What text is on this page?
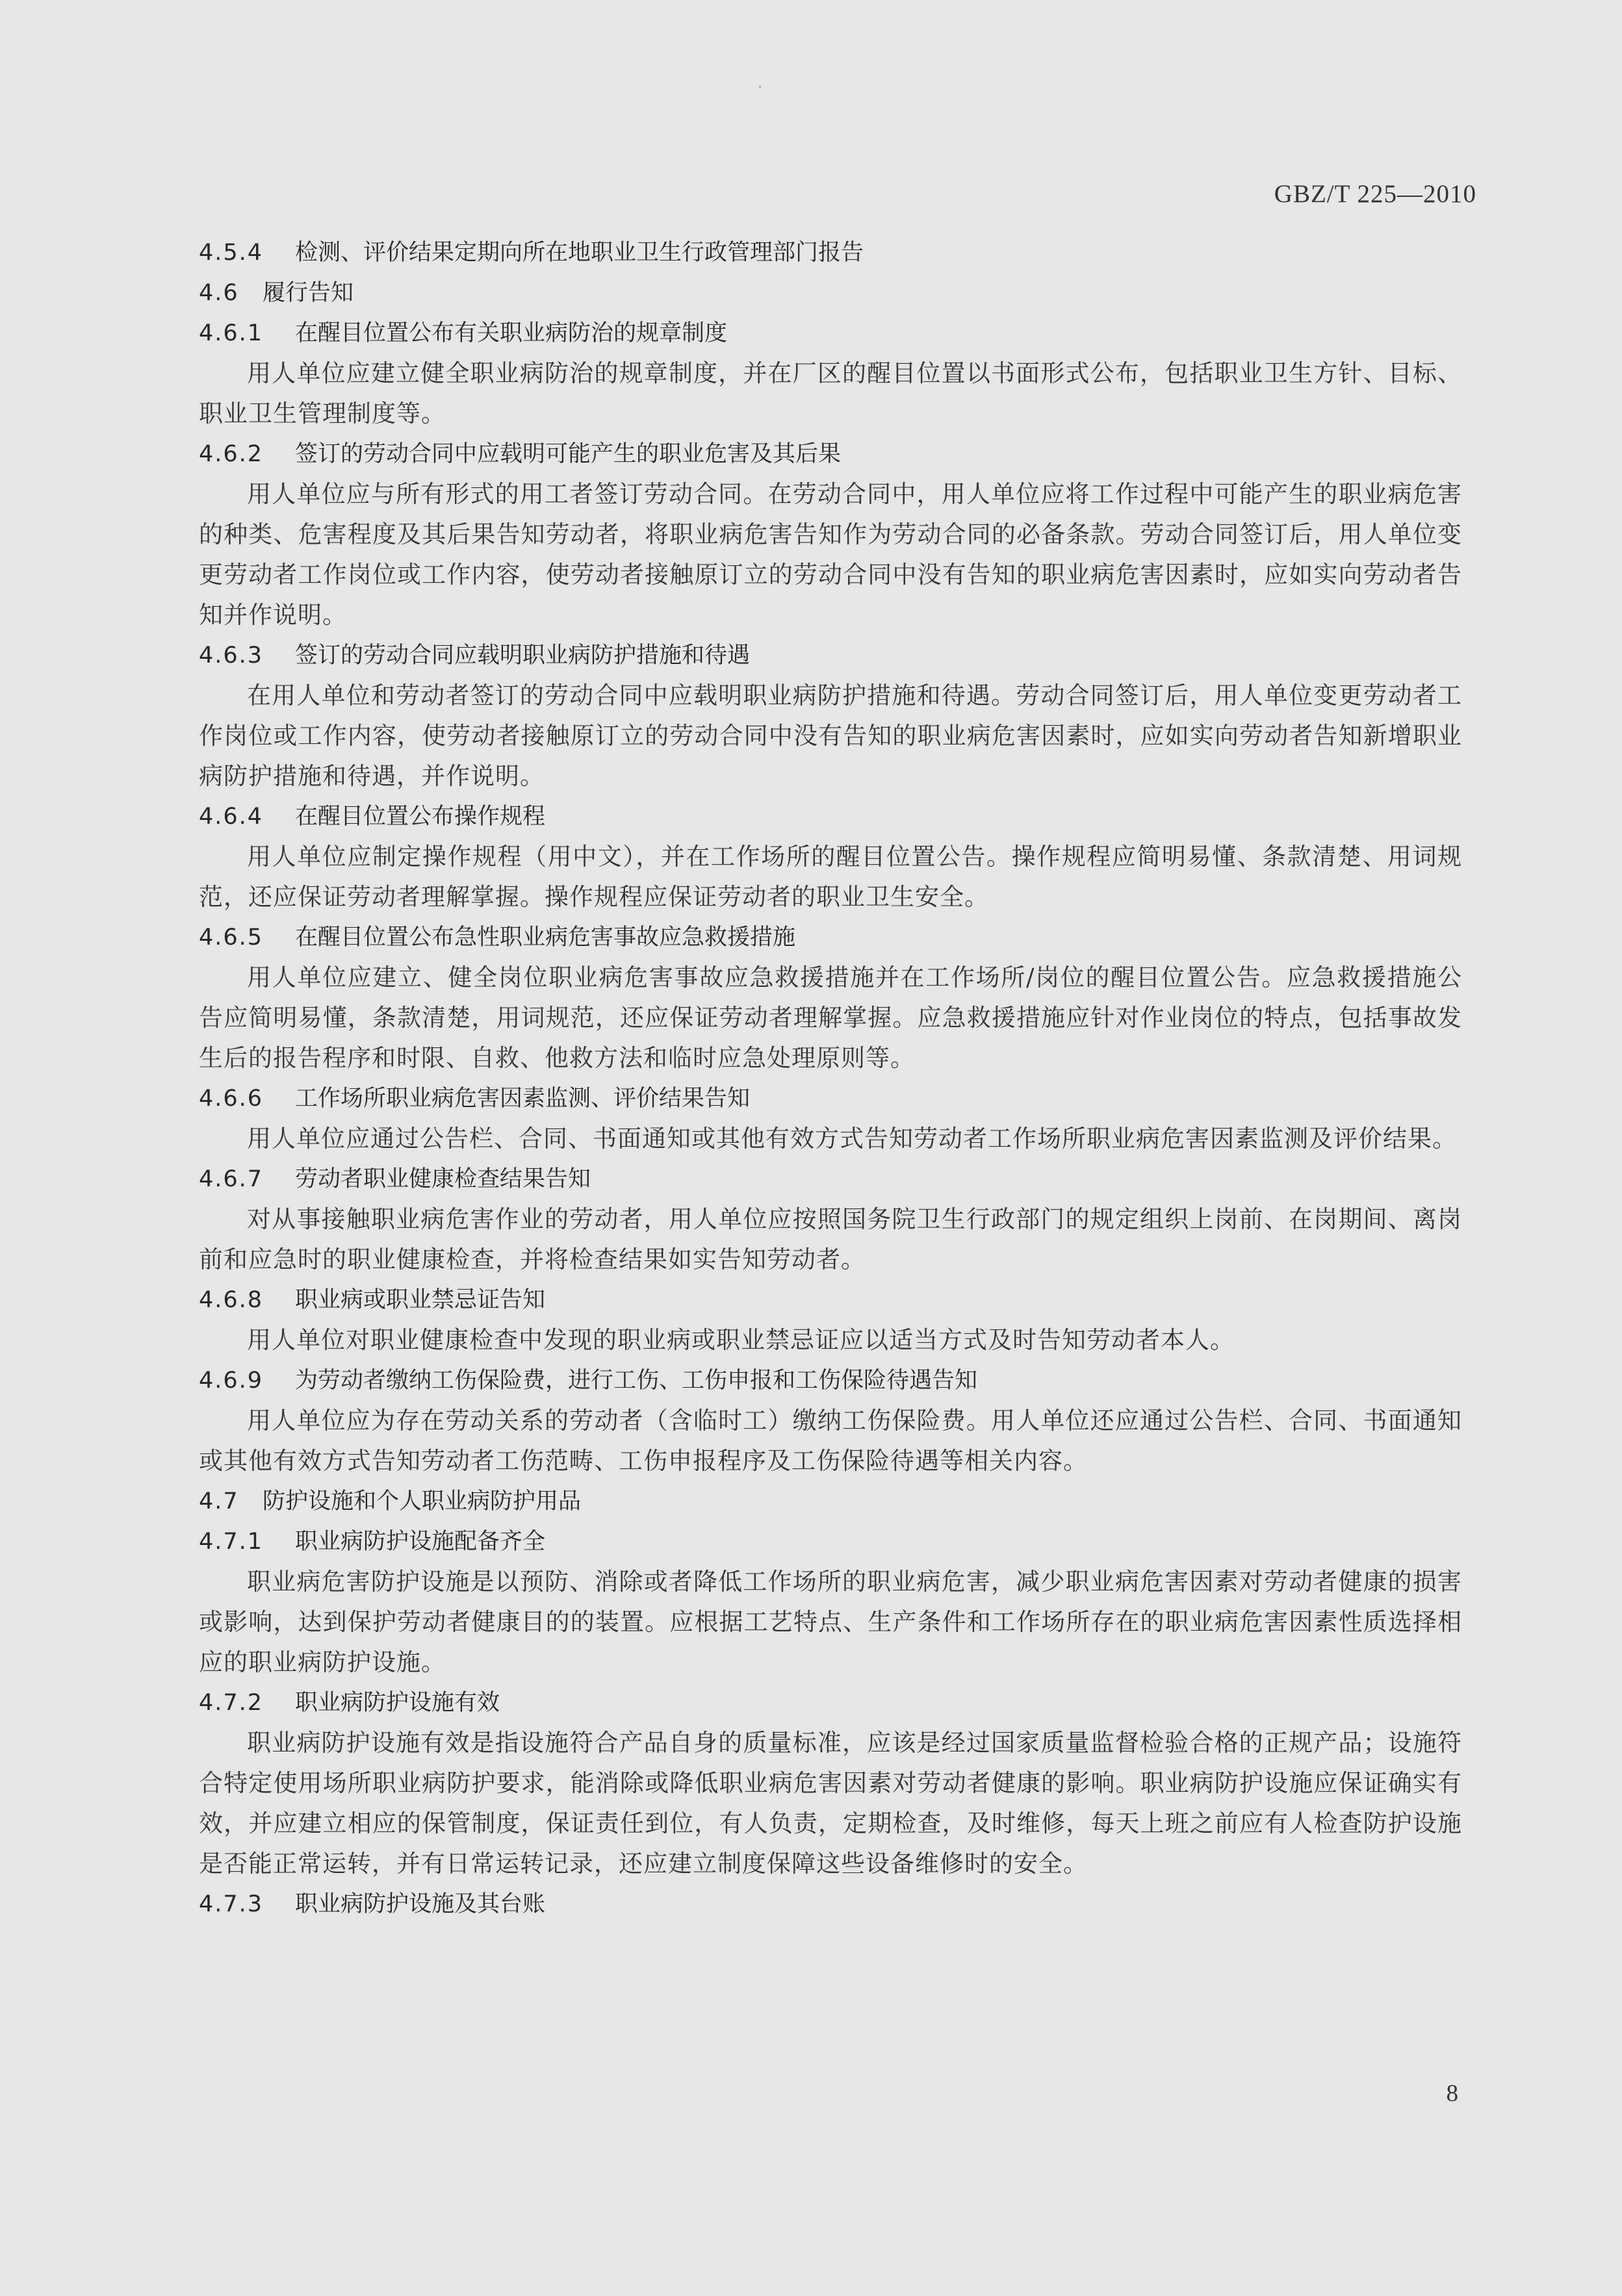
GBZ/T 225—2010
4.5.4 检测、评价结果定期向所在地职业卫生行政管理部门报告
4.6 履行告知
4.6.1 在醒目位置公布有关职业病防治的规章制度

用人单位应建立健全职业病防治的规章制度，并在厂区的醒目位置以书面形式公布，包括职业卫生方针、目标、职业卫生管理制度等。

4.6.2 签订的劳动合同中应载明可能产生的职业危害及其后果

用人单位应与所有形式的用工者签订劳动合同。在劳动合同中，用人单位应将工作过程中可能产生的职业病危害的种类、危害程度及其后果告知劳动者，将职业病危害告知作为劳动合同的必备条款。劳动合同签订后，用人单位变更劳动者工作岗位或工作内容，使劳动者接触原订立的劳动合同中没有告知的职业病危害因素时，应如实向劳动者告知并作说明。

4.6.3 签订的劳动合同应载明职业病防护措施和待遇

在用人单位和劳动者签订的劳动合同中应载明职业病防护措施和待遇。劳动合同签订后，用人单位变更劳动者工作岗位或工作内容，使劳动者接触原订立的劳动合同中没有告知的职业病危害因素时，应如实向劳动者告知新增职业病防护措施和待遇，并作说明。

4.6.4 在醒目位置公布操作规程

用人单位应制定操作规程（用中文），并在工作场所的醒目位置公告。操作规程应简明易懂、条款清楚、用词规范，还应保证劳动者理解掌握。操作规程应保证劳动者的职业卫生安全。

4.6.5 在醒目位置公布急性职业病危害事故应急救援措施

用人单位应建立、健全岗位职业病危害事故应急救援措施并在工作场所/岗位的醒目位置公告。应急救援措施公告应简明易懂，条款清楚，用词规范，还应保证劳动者理解掌握。应急救援措施应针对作业岗位的特点，包括事故发生后的报告程序和时限、自救、他救方法和临时应急处理原则等。

4.6.6 工作场所职业病危害因素监测、评价结果告知

用人单位应通过公告栏、合同、书面通知或其他有效方式告知劳动者工作场所职业病危害因素监测及评价结果。

4.6.7 劳动者职业健康检查结果告知

对从事接触职业病危害作业的劳动者，用人单位应按照国务院卫生行政部门的规定组织上岗前、在岗期间、离岗前和应急时的职业健康检查，并将检查结果如实告知劳动者。

4.6.8 职业病或职业禁忌证告知

用人单位对职业健康检查中发现的职业病或职业禁忌证应以适当方式及时告知劳动者本人。

4.6.9 为劳动者缴纳工伤保险费，进行工伤、工伤申报和工伤保险待遇告知

用人单位应为存在劳动关系的劳动者（含临时工）缴纳工伤保险费。用人单位还应通过公告栏、合同、书面通知或其他有效方式告知劳动者工伤范畴、工伤申报程序及工伤保险待遇等相关内容。

4.7 防护设施和个人职业病防护用品
4.7.1 职业病防护设施配备齐全

职业病危害防护设施是以预防、消除或者降低工作场所的职业病危害，减少职业病危害因素对劳动者健康的损害或影响，达到保护劳动者健康目的的装置。应根据工艺特点、生产条件和工作场所存在的职业病危害因素性质选择相应的职业病防护设施。

4.7.2 职业病防护设施有效

职业病防护设施有效是指设施符合产品自身的质量标准，应该是经过国家质量监督检验合格的正规产品；设施符合特定使用场所职业病防护要求，能消除或降低职业病危害因素对劳动者健康的影响。职业病防护设施应保证确实有效，并应建立相应的保管制度，保证责任到位，有人负责，定期检查，及时维修，每天上班之前应有人检查防护设施是否能正常运转，并有日常运转记录，还应建立制度保障这些设备维修时的安全。

4.7.3 职业病防护设施及其台账
8
